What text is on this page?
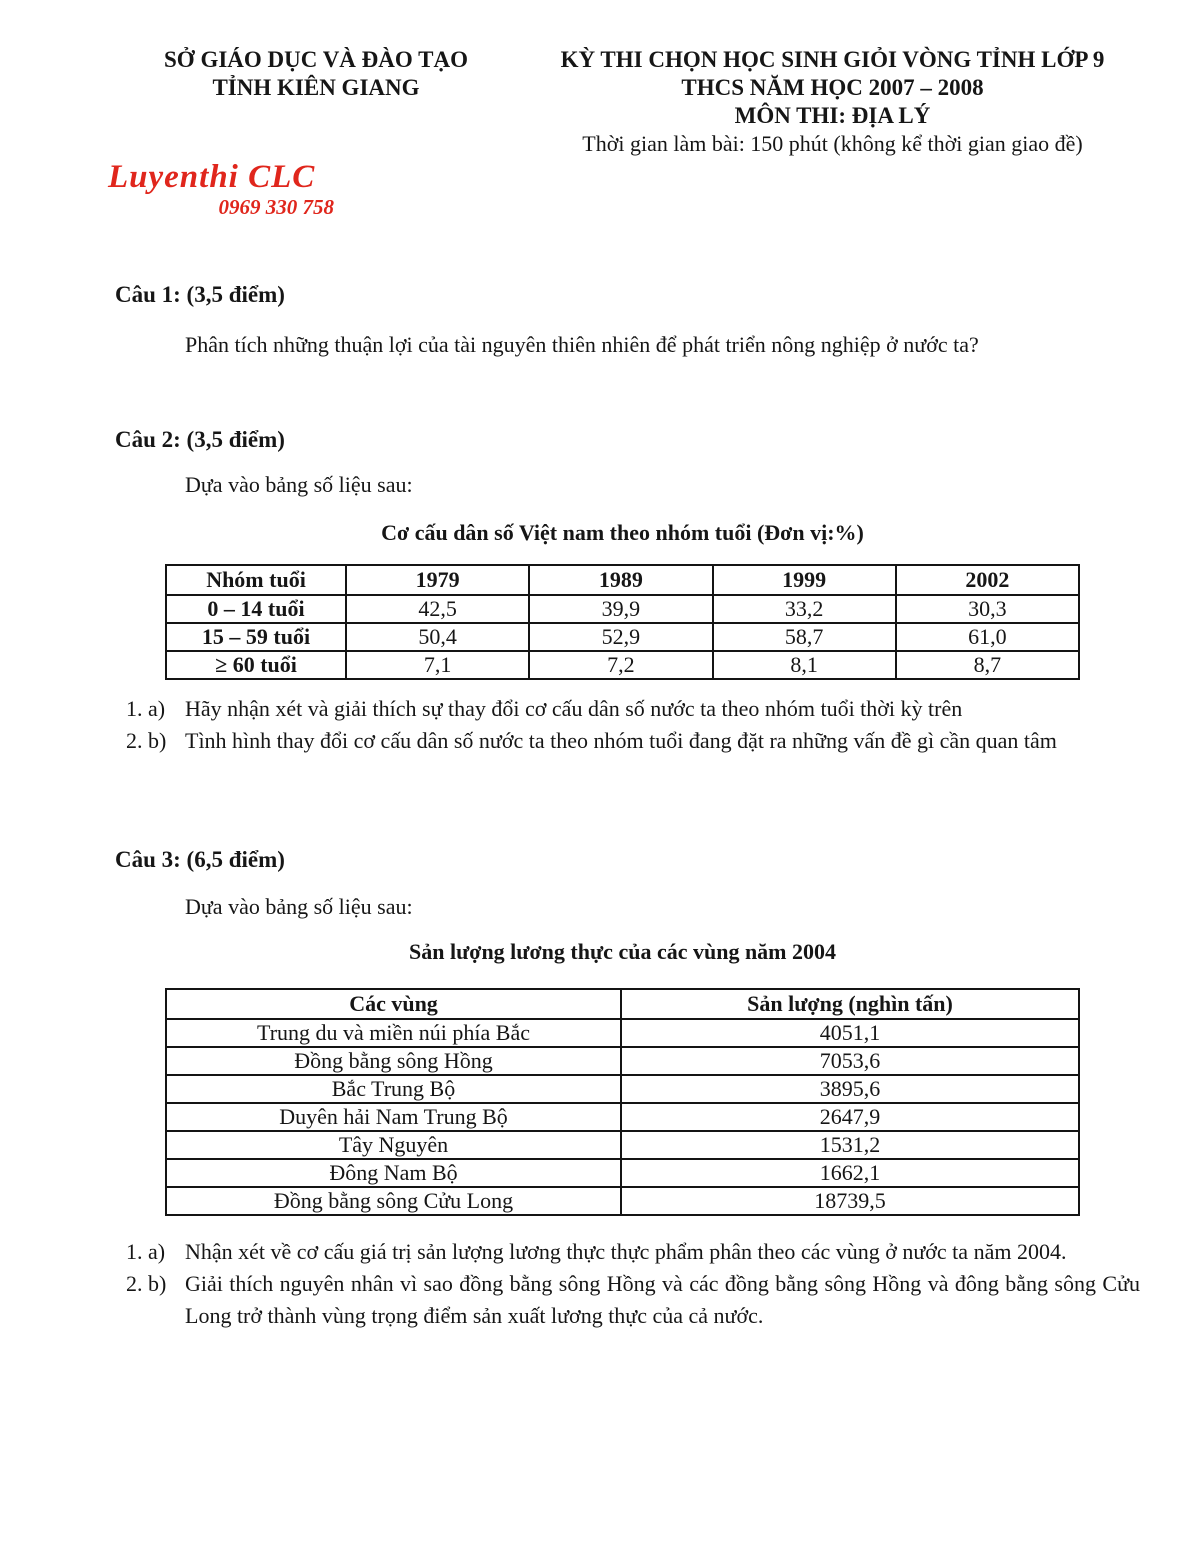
SỞ GIÁO DỤC VÀ ĐÀO TẠO
TỈNH KIÊN GIANG
KỲ THI CHỌN HỌC SINH GIỎI VÒNG TỈNH LỚP 9
THCS NĂM HỌC 2007 – 2008
MÔN THI: ĐỊA LÝ
Thời gian làm bài: 150 phút (không kể thời gian giao đề)
Luyenthi CLC
0969 330 758
Câu 1: (3,5 điểm)
Phân tích những thuận lợi của tài nguyên thiên nhiên để phát triển nông nghiệp ở nước ta?
Câu 2: (3,5 điểm)
Dựa vào bảng số liệu sau:
Cơ cấu dân số Việt nam theo nhóm tuổi (Đơn vị:%)
Nhóm tuổi	1979	1989	1999	2002
0 – 14 tuổi	42,5	39,9	33,2	30,3
15 – 59 tuổi	50,4	52,9	58,7	61,0
≥ 60 tuổi	7,1	7,2	8,1	8,7
1. a) Hãy nhận xét và giải thích sự thay đổi cơ cấu dân số nước ta theo nhóm tuổi thời kỳ trên
2. b) Tình hình thay đổi cơ cấu dân số nước ta theo nhóm tuổi đang đặt ra những vấn đề gì cần quan tâm
Câu 3: (6,5 điểm)
Dựa vào bảng số liệu sau:
Sản lượng lương thực của các vùng năm 2004
Các vùng	Sản lượng (nghìn tấn)
Trung du và miền núi phía Bắc	4051,1
Đồng bằng sông Hồng	7053,6
Bắc Trung Bộ	3895,6
Duyên hải Nam Trung Bộ	2647,9
Tây Nguyên	1531,2
Đông Nam Bộ	1662,1
Đồng bằng sông Cửu Long	18739,5
1. a) Nhận xét về cơ cấu giá trị sản lượng lương thực thực phẩm phân theo các vùng ở nước ta năm 2004.
2. b) Giải thích nguyên nhân vì sao đồng bằng sông Hồng và các đồng bằng sông Hồng và đông bằng sông Cửu Long trở thành vùng trọng điểm sản xuất lương thực của cả nước.
